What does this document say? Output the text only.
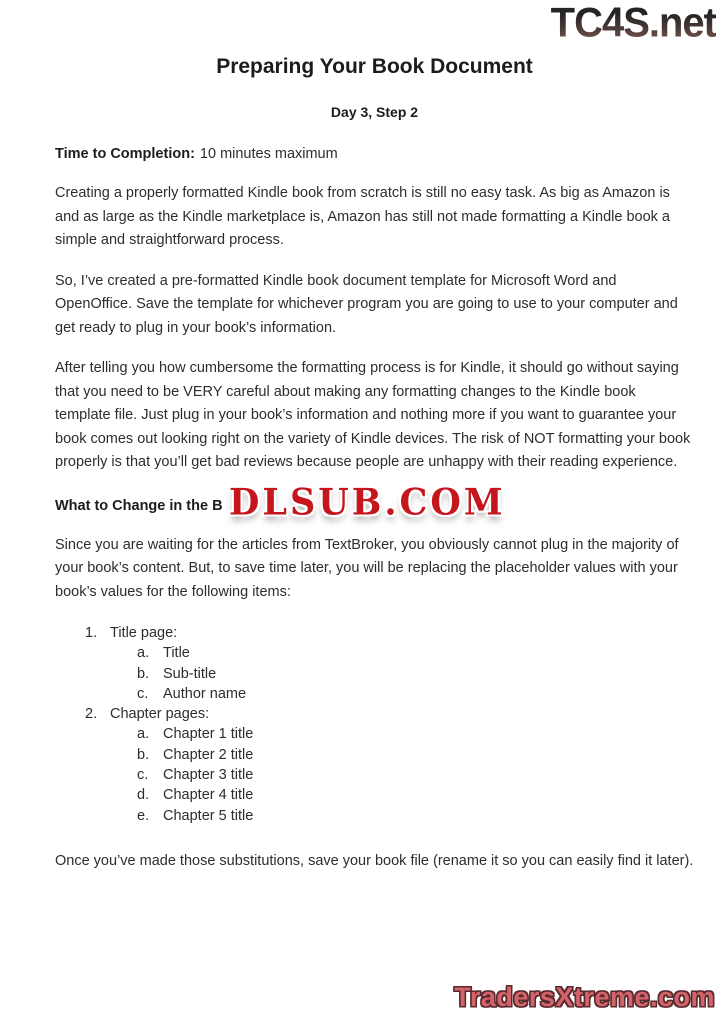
TC4S.net
Preparing Your Book Document
Day 3, Step 2
Time to Completion: 10 minutes maximum

Creating a properly formatted Kindle book from scratch is still no easy task. As big as Amazon is and as large as the Kindle marketplace is, Amazon has still not made formatting a Kindle book a simple and straightforward process.

So, I’ve created a pre-formatted Kindle book document template for Microsoft Word and OpenOffice. Save the template for whichever program you are going to use to your computer and get ready to plug in your book’s information.

After telling you how cumbersome the formatting process is for Kindle, it should go without saying that you need to be VERY careful about making any formatting changes to the Kindle book template file. Just plug in your book’s information and nothing more if you want to guarantee your book comes out looking right on the variety of Kindle devices. The risk of NOT formatting your book properly is that you’ll get bad reviews because people are unhappy with their reading experience.

What to Change in the B DLSUB.COM

Since you are waiting for the articles from TextBroker, you obviously cannot plug in the majority of your book’s content. But, to save time later, you will be replacing the placeholder values with your book’s values for the following items:

1. Title page:
a. Title
b. Sub-title
c.	Author name
2. Chapter pages:
a. Chapter 1 title
b. Chapter 2 title
c.	Chapter 3 title
d. Chapter 4 title
e. Chapter 5 title

Once you’ve made those substitutions, save your book file (rename it so you can easily find it later).

TradersXtreme.com
